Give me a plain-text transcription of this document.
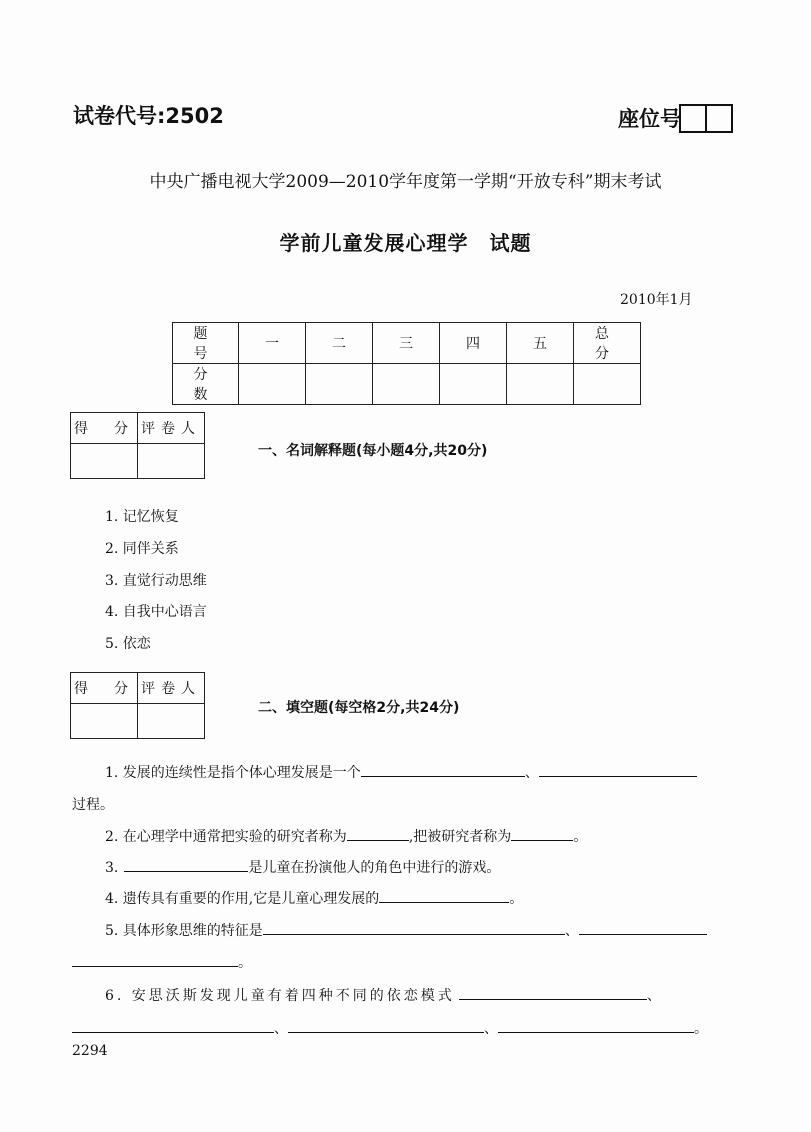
试卷代号:2502	座位号
中央广播电视大学2009—2010学年度第一学期“开放专科”期末考试
学前儿童发展心理学　试题
2010年1月
题　号	一	二	三	四	五	总　分
分　数						
得　分	评卷人

一、名词解释题(每小题4分,共20分)
1. 记忆恢复
2. 同伴关系
3. 直觉行动思维
4. 自我中心语言
5. 依恋
得　分	评卷人

二、填空题(每空格2分,共24分)
1. 发展的连续性是指个体心理发展是一个	、
过程。
2. 在心理学中通常把实验的研究者称为	,把被研究者称为	。
3.	是儿童在扮演他人的角色中进行的游戏。
4. 遗传具有重要的作用,它是儿童心理发展的	。
5. 具体形象思维的特征是	、
。
6. 安思沃斯发现儿童有着四种不同的依恋模式	、
、	、	。
2294
